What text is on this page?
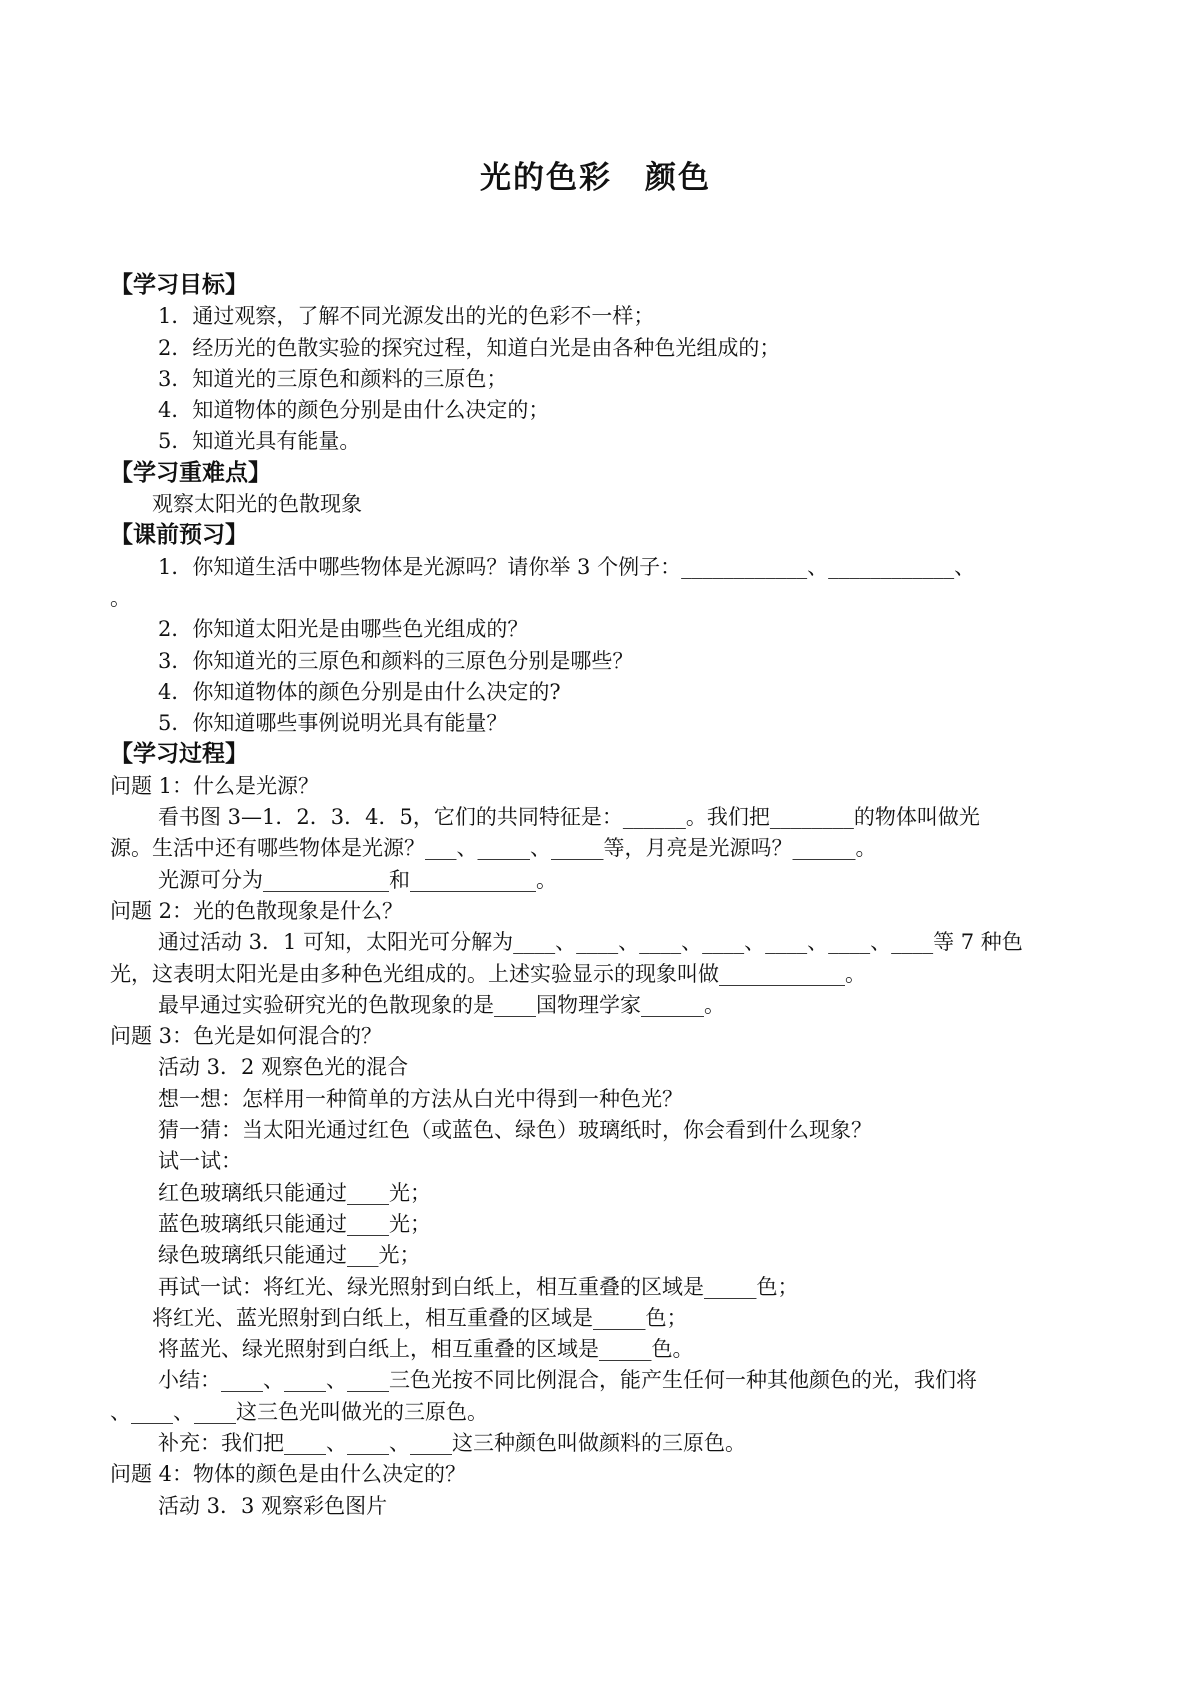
光的色彩　颜色
【学习目标】
1．通过观察，了解不同光源发出的光的色彩不一样；
2．经历光的色散实验的探究过程，知道白光是由各种色光组成的；
3．知道光的三原色和颜料的三原色；
4．知道物体的颜色分别是由什么决定的；
5．知道光具有能量。
【学习重难点】
观察太阳光的色散现象
【课前预习】
1．你知道生活中哪些物体是光源吗？请你举 3 个例子：____________、____________、
。
2．你知道太阳光是由哪些色光组成的？
3．你知道光的三原色和颜料的三原色分别是哪些？
4．你知道物体的颜色分别是由什么决定的?
5．你知道哪些事例说明光具有能量？
【学习过程】
问题 1：什么是光源？
看书图 3—1．2．3．4．5，它们的共同特征是：______。我们把________的物体叫做光
源。生活中还有哪些物体是光源？___、_____、_____等，月亮是光源吗？______。
光源可分为____________和____________。
问题 2：光的色散现象是什么？
通过活动 3．1 可知，太阳光可分解为____、____、____、____、____、____、____等 7 种色
光，这表明太阳光是由多种色光组成的。上述实验显示的现象叫做____________。
最早通过实验研究光的色散现象的是____国物理学家______。
问题 3：色光是如何混合的？
活动 3．2 观察色光的混合
想一想：怎样用一种简单的方法从白光中得到一种色光？
猜一猜：当太阳光通过红色（或蓝色、绿色）玻璃纸时，你会看到什么现象？
试一试：
红色玻璃纸只能通过____光；
蓝色玻璃纸只能通过____光；
绿色玻璃纸只能通过___光；
再试一试：将红光、绿光照射到白纸上，相互重叠的区域是_____色；
将红光、蓝光照射到白纸上，相互重叠的区域是_____色；
将蓝光、绿光照射到白纸上，相互重叠的区域是_____色。
小结：____、____、____三色光按不同比例混合，能产生任何一种其他颜色的光，我们将
、____、____这三色光叫做光的三原色。
补充：我们把____、____、____这三种颜色叫做颜料的三原色。
问题 4：物体的颜色是由什么决定的？
活动 3．3 观察彩色图片
